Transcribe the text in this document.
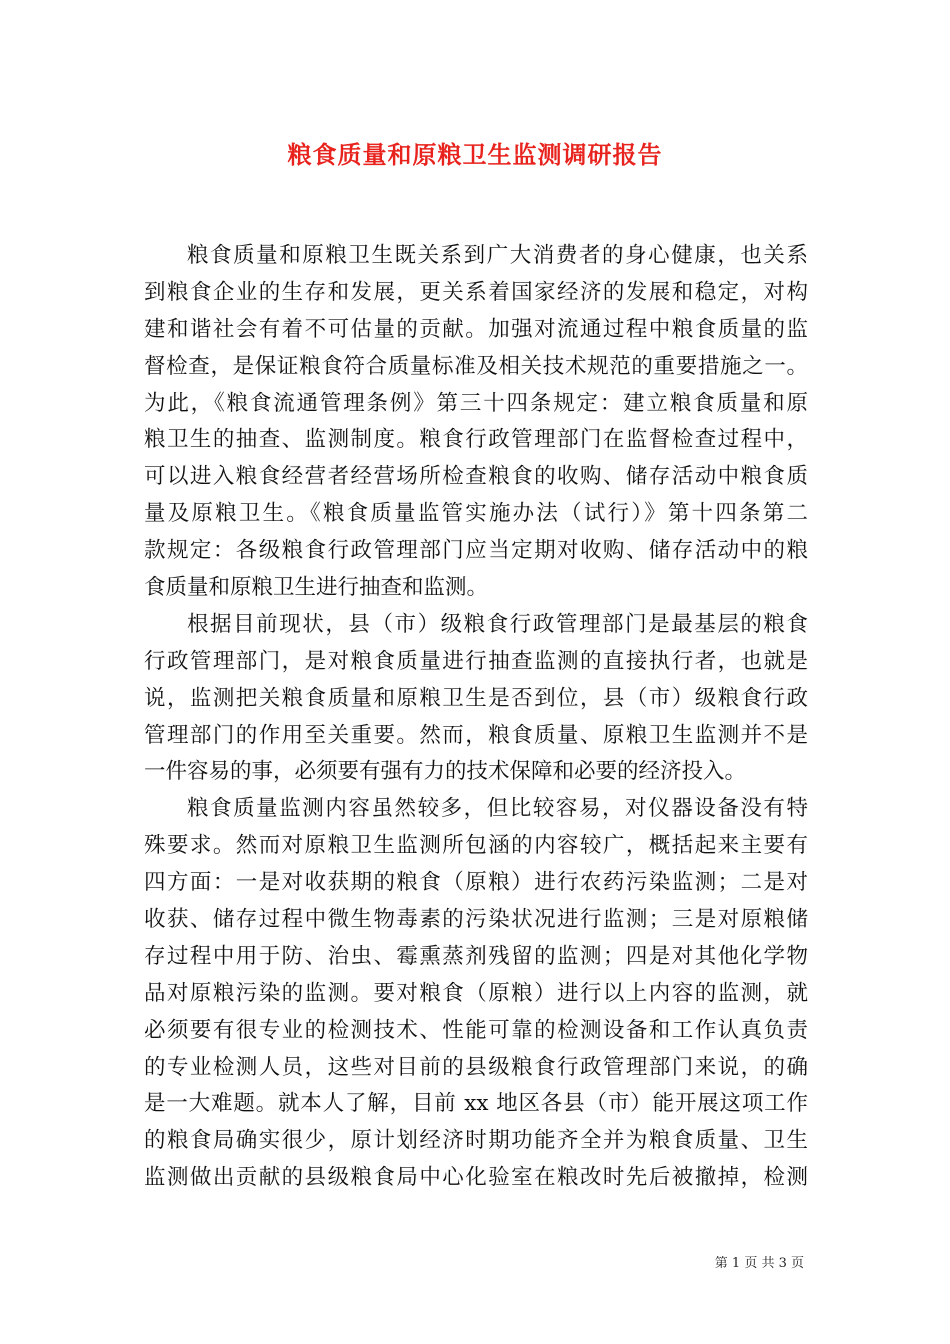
粮食质量和原粮卫生监测调研报告
粮食质量和原粮卫生既关系到广大消费者的身心健康，也关系
到粮食企业的生存和发展，更关系着国家经济的发展和稳定，对构
建和谐社会有着不可估量的贡献。加强对流通过程中粮食质量的监
督检查，是保证粮食符合质量标准及相关技术规范的重要措施之一。
为此，《粮食流通管理条例》第三十四条规定：建立粮食质量和原
粮卫生的抽查、监测制度。粮食行政管理部门在监督检查过程中，
可以进入粮食经营者经营场所检查粮食的收购、储存活动中粮食质
量及原粮卫生。《粮食质量监管实施办法（试行）》第十四条第二
款规定：各级粮食行政管理部门应当定期对收购、储存活动中的粮
食质量和原粮卫生进行抽查和监测。
根据目前现状，县（市）级粮食行政管理部门是最基层的粮食
行政管理部门，是对粮食质量进行抽查监测的直接执行者，也就是
说，监测把关粮食质量和原粮卫生是否到位，县（市）级粮食行政
管理部门的作用至关重要。然而，粮食质量、原粮卫生监测并不是
一件容易的事，必须要有强有力的技术保障和必要的经济投入。
粮食质量监测内容虽然较多，但比较容易，对仪器设备没有特
殊要求。然而对原粮卫生监测所包涵的内容较广，概括起来主要有
四方面：一是对收获期的粮食（原粮）进行农药污染监测；二是对
收获、储存过程中微生物毒素的污染状况进行监测；三是对原粮储
存过程中用于防、治虫、霉熏蒸剂残留的监测；四是对其他化学物
品对原粮污染的监测。要对粮食（原粮）进行以上内容的监测，就
必须要有很专业的检测技术、性能可靠的检测设备和工作认真负责
的专业检测人员，这些对目前的县级粮食行政管理部门来说，的确
是一大难题。就本人了解，目前 xx 地区各县（市）能开展这项工作
的粮食局确实很少，原计划经济时期功能齐全并为粮食质量、卫生
监测做出贡献的县级粮食局中心化验室在粮改时先后被撤掉，检测
第 1 页 共 3 页
